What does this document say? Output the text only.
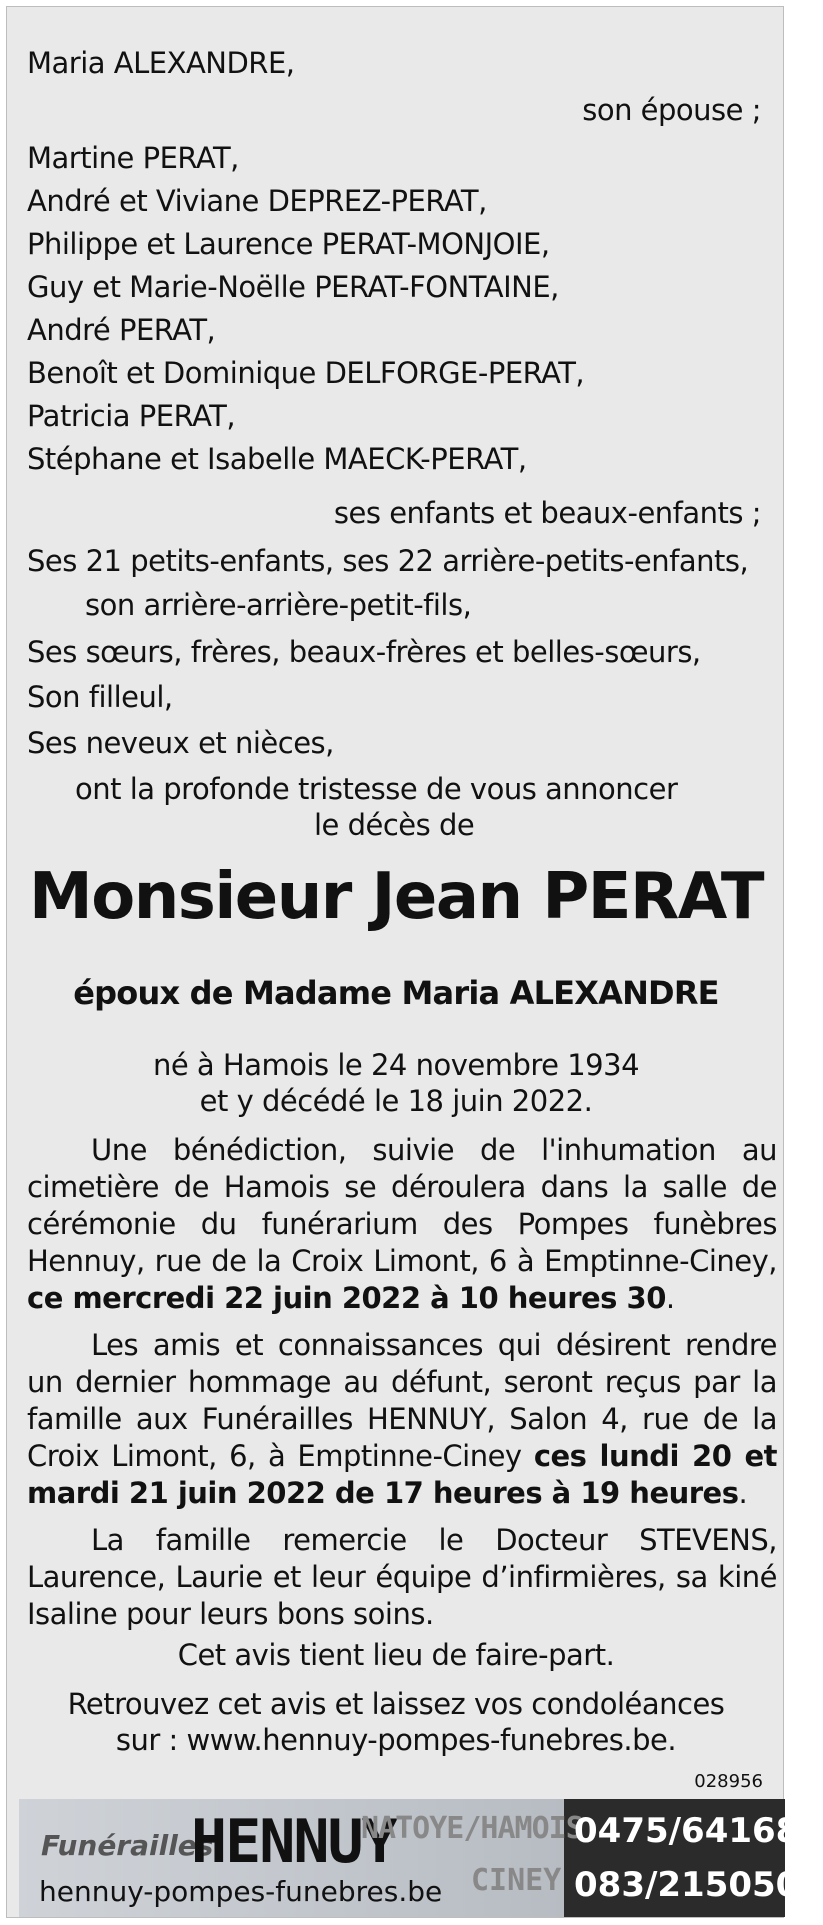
Maria ALEXANDRE,
son épouse ;
Martine PERAT,
André et Viviane DEPREZ-PERAT,
Philippe et Laurence PERAT-MONJOIE,
Guy et Marie-Noëlle PERAT-FONTAINE,
André PERAT,
Benoît et Dominique DELFORGE-PERAT,
Patricia PERAT,
Stéphane et Isabelle MAECK-PERAT,
ses enfants et beaux-enfants ;
Ses 21 petits-enfants, ses 22 arrière-petits-enfants,
son arrière-arrière-petit-fils,
Ses sœurs, frères, beaux-frères et belles-sœurs,
Son filleul,
Ses neveux et nièces,
ont la profonde tristesse de vous annoncer
le décès de
Monsieur Jean PERAT
époux de Madame Maria ALEXANDRE
né à Hamois le 24 novembre 1934
et y décédé le 18 juin 2022.
Une bénédiction, suivie de l'inhumation au cimetière de Hamois se déroulera dans la salle de cérémonie du funérarium des Pompes funèbres Hennuy, rue de la Croix Limont, 6 à Emptinne-Ciney, ce mercredi 22 juin 2022 à 10 heures 30.
Les amis et connaissances qui désirent rendre un dernier hommage au défunt, seront reçus par la famille aux Funérailles HENNUY, Salon 4, rue de la Croix Limont, 6, à Emptinne-Ciney ces lundi 20 et mardi 21 juin 2022 de 17 heures à 19 heures.
La famille remercie le Docteur STEVENS, Laurence, Laurie et leur équipe d’infirmières, sa kiné Isaline pour leurs bons soins.
Cet avis tient lieu de faire-part.
Retrouvez cet avis et laissez vos condoléances
sur : www.hennuy-pompes-funebres.be.
028956
Funérailles
HENNUY
NATOYE/HAMOIS
CINEY
hennuy-pompes-funebres.be
0475/641682
083/215050
